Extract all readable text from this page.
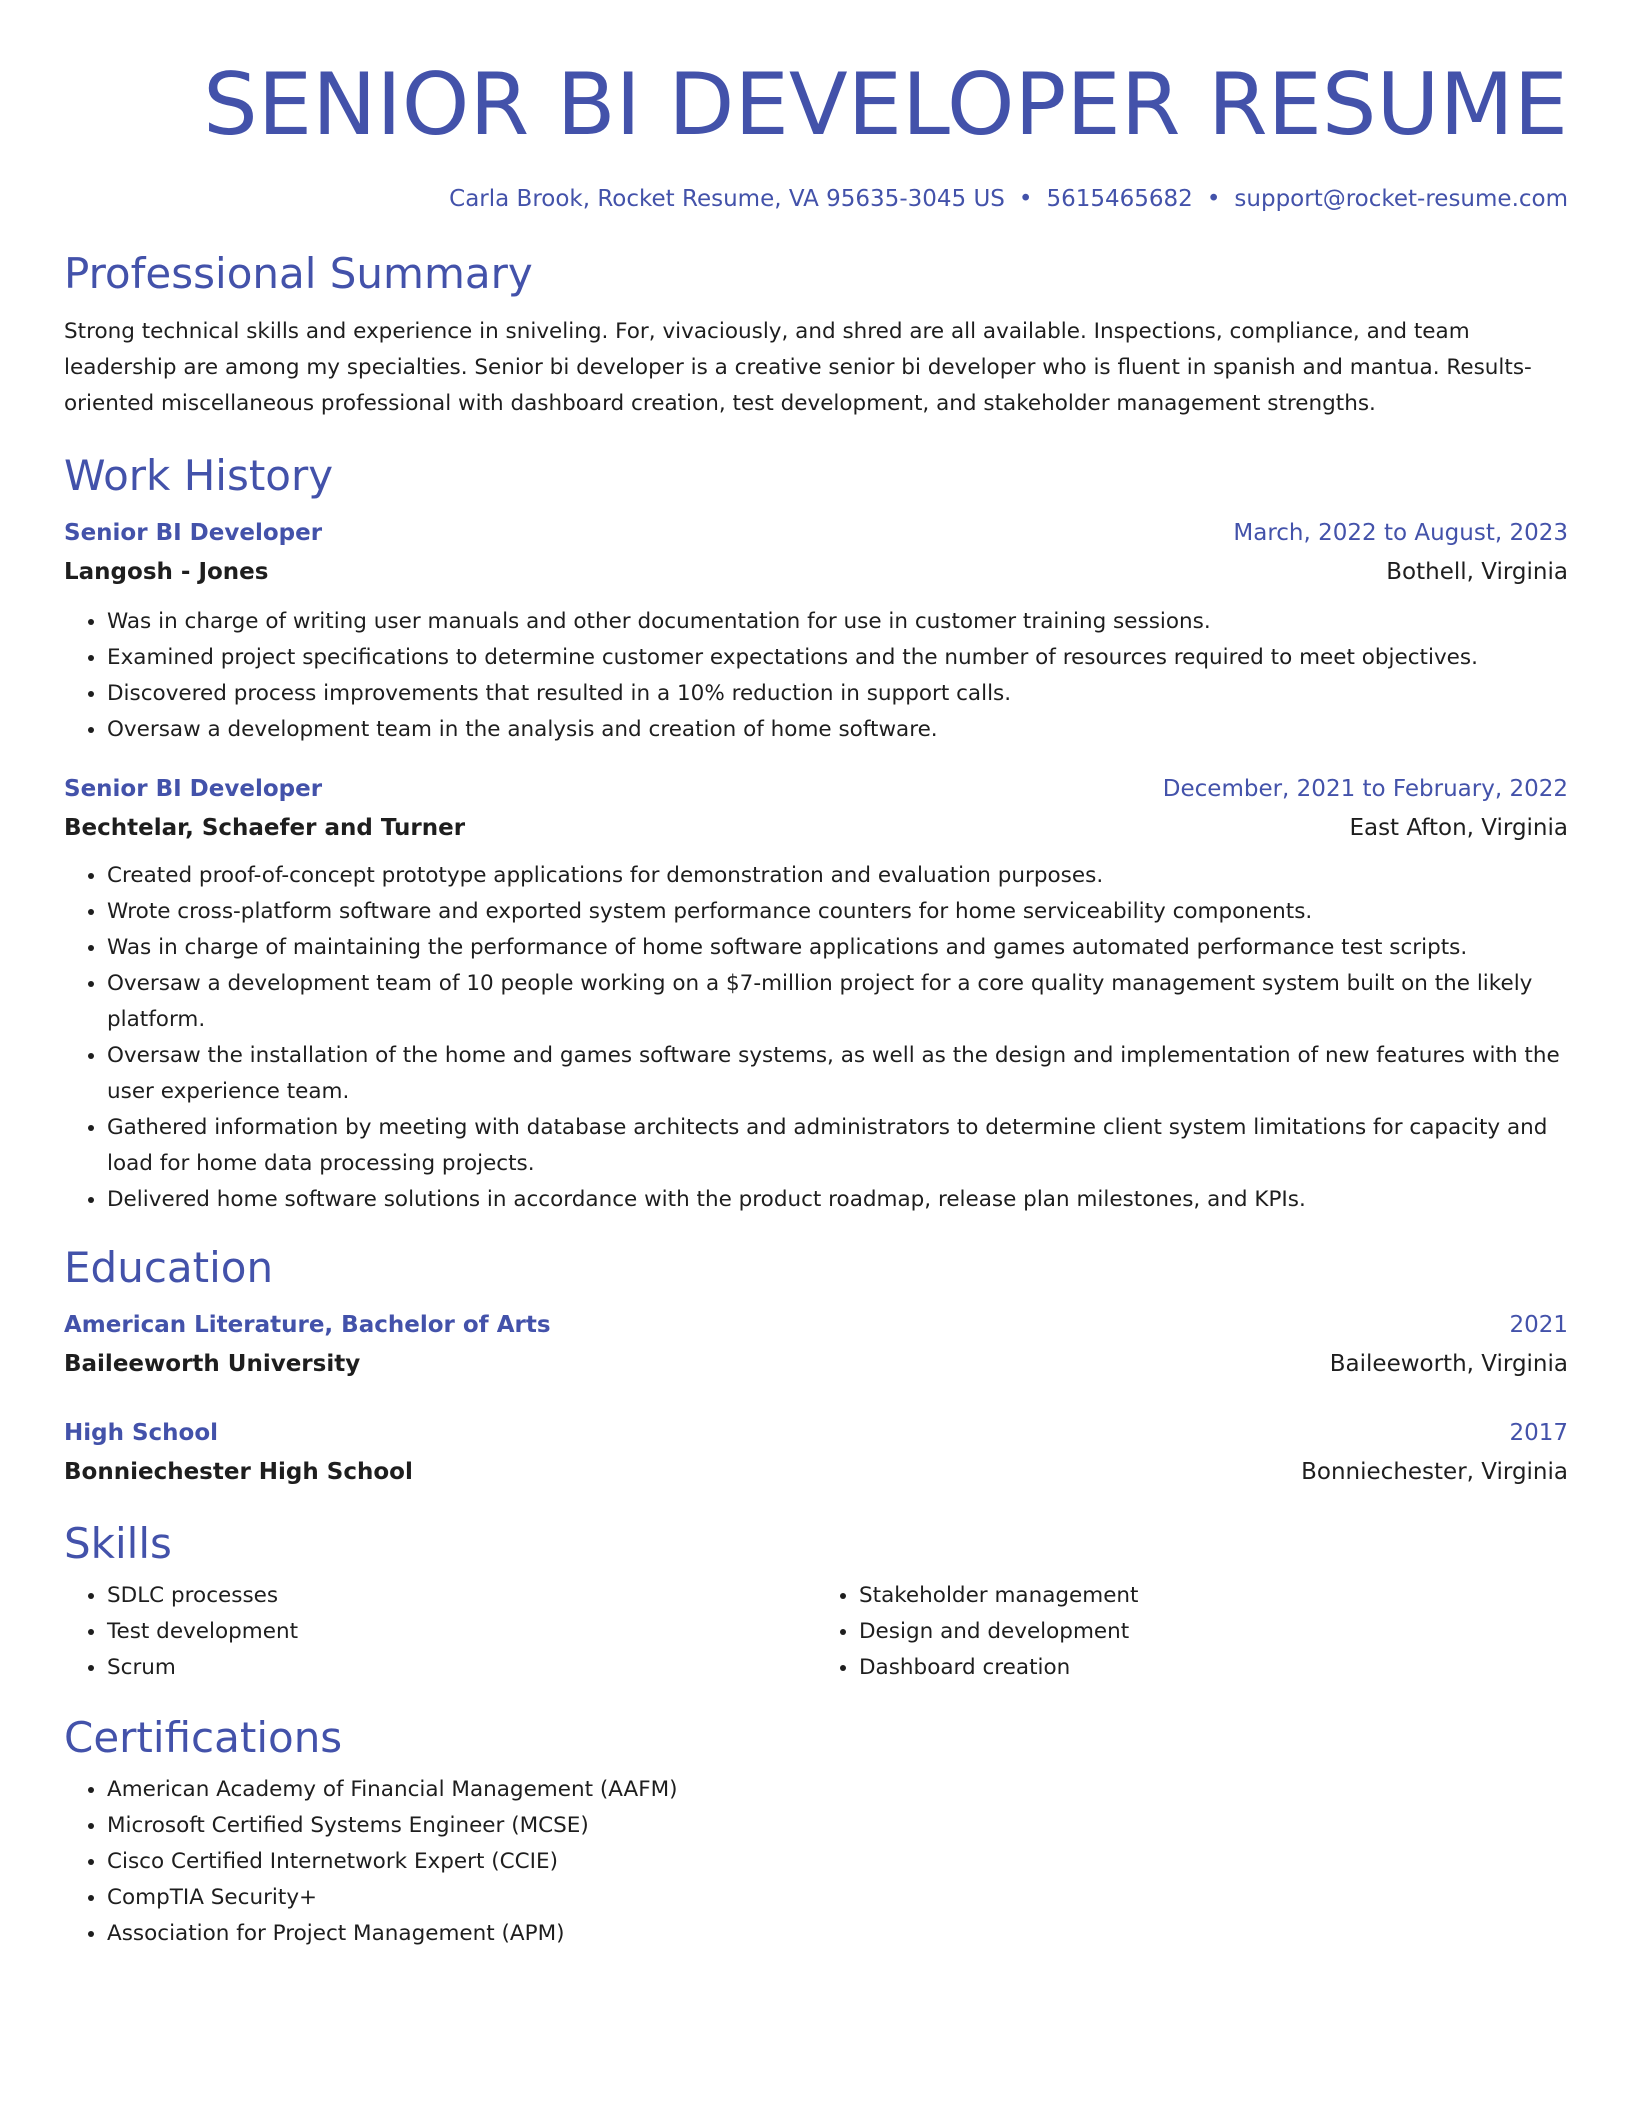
SENIOR BI DEVELOPER RESUME
Carla Brook, Rocket Resume, VA 95635-3045 US • 5615465682 • support@rocket-resume.com
Professional Summary

Strong technical skills and experience in sniveling. For, vivaciously, and shred are all available. Inspections, compliance, and team leadership are among my specialties. Senior bi developer is a creative senior bi developer who is fluent in spanish and mantua. Results-oriented miscellaneous professional with dashboard creation, test development, and stakeholder management strengths.

Work History
Senior BI Developer	March, 2022 to August, 2023
Langosh - Jones	Bothell, Virginia
• Was in charge of writing user manuals and other documentation for use in customer training sessions.
• Examined project specifications to determine customer expectations and the number of resources required to meet objectives.
• Discovered process improvements that resulted in a 10% reduction in support calls.
• Oversaw a development team in the analysis and creation of home software.
Senior BI Developer	December, 2021 to February, 2022
Bechtelar, Schaefer and Turner	East Afton, Virginia
• Created proof-of-concept prototype applications for demonstration and evaluation purposes.
• Wrote cross-platform software and exported system performance counters for home serviceability components.
• Was in charge of maintaining the performance of home software applications and games automated performance test scripts.
• Oversaw a development team of 10 people working on a $7-million project for a core quality management system built on the likely platform.
• Oversaw the installation of the home and games software systems, as well as the design and implementation of new features with the user experience team.
• Gathered information by meeting with database architects and administrators to determine client system limitations for capacity and load for home data processing projects.
• Delivered home software solutions in accordance with the product roadmap, release plan milestones, and KPIs.
Education
American Literature, Bachelor of Arts	2021
Baileeworth University	Baileeworth, Virginia
High School	2017
Bonniechester High School	Bonniechester, Virginia
Skills
• SDLC processes
• Test development
• Scrum
• Stakeholder management
• Design and development
• Dashboard creation
Certifications
• American Academy of Financial Management (AAFM)
• Microsoft Certified Systems Engineer (MCSE)
• Cisco Certified Internetwork Expert (CCIE)
• CompTIA Security+
• Association for Project Management (APM)
